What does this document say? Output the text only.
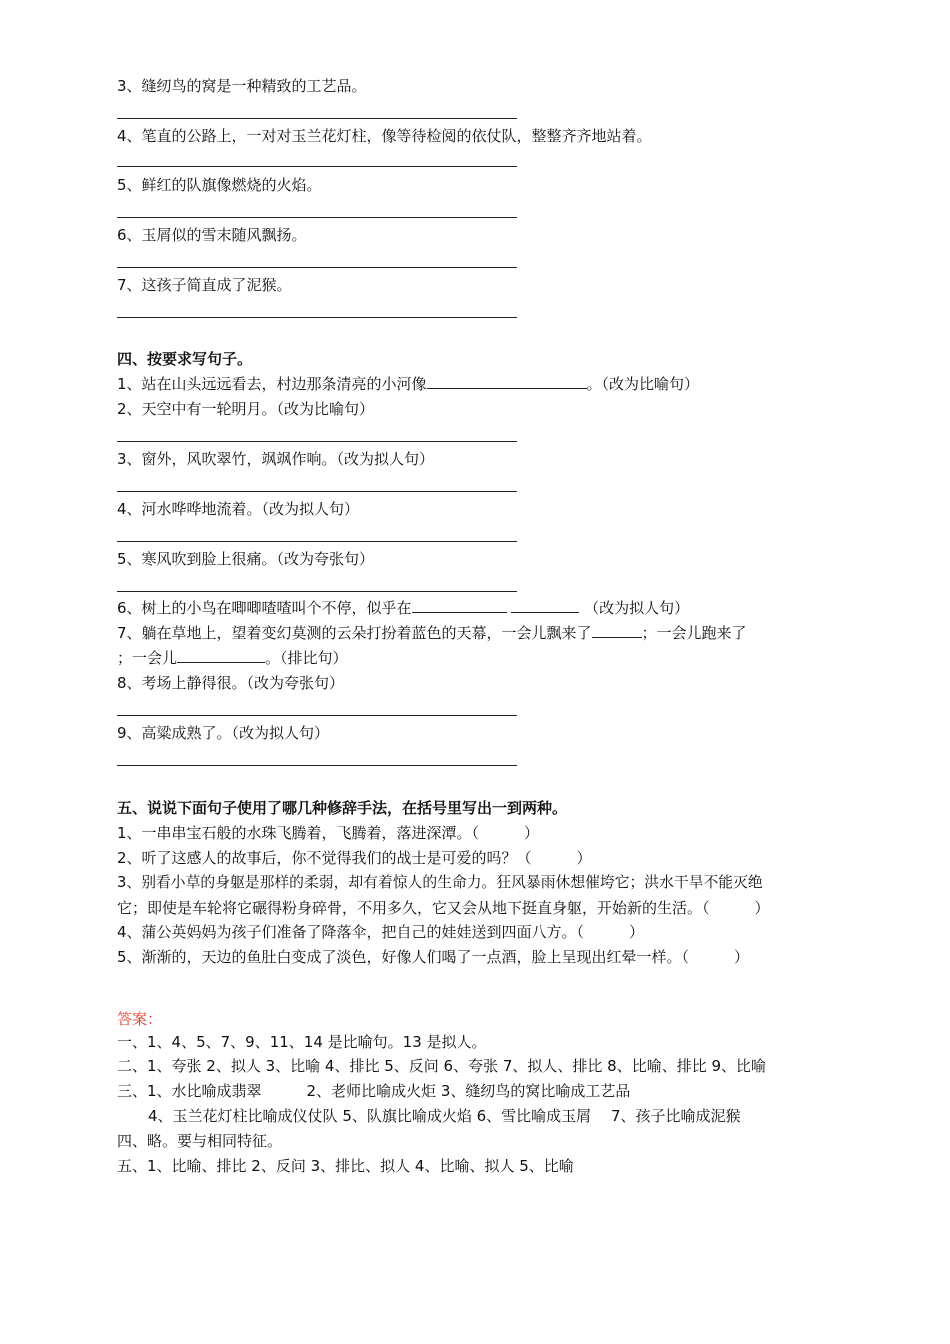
3、缝纫鸟的窝是一种精致的工艺品。
4、笔直的公路上，一对对玉兰花灯柱，像等待检阅的依仗队，整整齐齐地站着。
5、鲜红的队旗像燃烧的火焰。
6、玉屑似的雪末随风飘扬。
7、这孩子简直成了泥猴。
四、按要求写句子。
1、站在山头远远看去，村边那条清亮的小河像	。（改为比喻句）
2、天空中有一轮明月。（改为比喻句）
3、窗外，风吹翠竹，飒飒作响。（改为拟人句）
4、河水哗哗地流着。（改为拟人句）
5、寒风吹到脸上很痛。（改为夸张句）
6、树上的小鸟在唧唧喳喳叫个不停，似乎在	（改为拟人句）
7、躺在草地上，望着变幻莫测的云朵打扮着蓝色的天幕，一会儿飘来了	；一会儿跑来了
；一会儿	。（排比句）
8、考场上静得很。（改为夸张句）
9、高粱成熟了。（改为拟人句）
五、说说下面句子使用了哪几种修辞手法，在括号里写出一到两种。
1、一串串宝石般的水珠飞腾着，飞腾着，落进深潭。（　　　）
2、听了这感人的故事后，你不觉得我们的战士是可爱的吗？（　　　）
3、别看小草的身躯是那样的柔弱，却有着惊人的生命力。狂风暴雨休想催垮它；洪水干旱不能灭绝
它；即使是车轮将它碾得粉身碎骨，不用多久，它又会从地下挺直身躯，开始新的生活。（　　　）
4、蒲公英妈妈为孩子们准备了降落伞，把自己的娃娃送到四面八方。（　　　）
5、渐渐的，天边的鱼肚白变成了淡色，好像人们喝了一点酒，脸上呈现出红晕一样。（　　　）
答案：
一、1、4、5、7、9、11、14 是比喻句。13 是拟人。
二、1、夸张 2、拟人 3、比喻 4、排比 5、反问 6、夸张 7、拟人、排比 8、比喻、排比 9、比喻
三、1、水比喻成翡翠　　　2、老师比喻成火炬 3、缝纫鸟的窝比喻成工艺品
4、玉兰花灯柱比喻成仪仗队 5、队旗比喻成火焰 6、雪比喻成玉屑　 7、孩子比喻成泥猴
四、略。要与相同特征。
五、1、比喻、排比 2、反问 3、排比、拟人 4、比喻、拟人 5、比喻
